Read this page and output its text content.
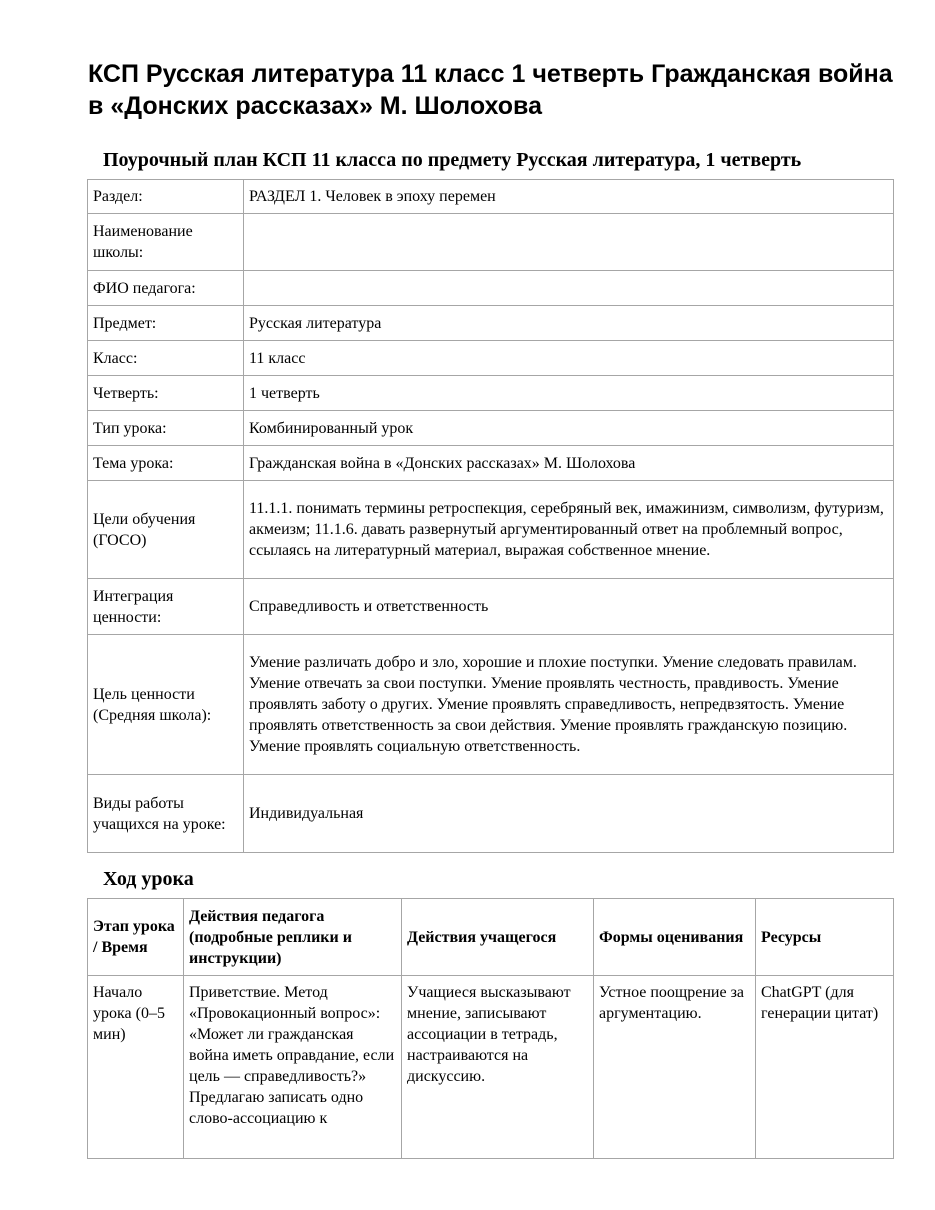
КСП Русская литература 11 класс 1 четверть Гражданская война в «Донских рассказах» М. Шолохова
Поурочный план КСП 11 класса по предмету Русская литература, 1 четверть
Раздел:	РАЗДЕЛ 1. Человек в эпоху перемен
Наименование школы:	
ФИО педагога:	
Предмет:	Русская литература
Класс:	11 класс
Четверть:	1 четверть
Тип урока:	Комбинированный урок
Тема урока:	Гражданская война в «Донских рассказах» М. Шолохова
Цели обучения (ГОСО)	11.1.1. понимать термины ретроспекция, серебряный век, имажинизм, символизм, футуризм, акмеизм; 11.1.6. давать развернутый аргументированный ответ на проблемный вопрос, ссылаясь на литературный материал, выражая собственное мнение.
Интеграция ценности:	Справедливость и ответственность
Цель ценности (Средняя школа):	Умение различать добро и зло, хорошие и плохие поступки. Умение следовать правилам. Умение отвечать за свои поступки. Умение проявлять честность, правдивость. Умение проявлять заботу о других. Умение проявлять справедливость, непредвзятость. Умение проявлять ответственность за свои действия. Умение проявлять гражданскую позицию. Умение проявлять социальную ответственность.
Виды работы учащихся на уроке:	Индивидуальная
Ход урока
Этап урока / Время	Действия педагога (подробные реплики и инструкции)	Действия учащегося	Формы оценивания	Ресурсы
Начало урока (0–5 мин)	Приветствие. Метод «Провокационный вопрос»: «Может ли гражданская война иметь оправдание, если цель — справедливость?» Предлагаю записать одно слово-ассоциацию к	Учащиеся высказывают мнение, записывают ассоциации в тетрадь, настраиваются на дискуссию.	Устное поощрение за аргументацию.	ChatGPT (для генерации цитат)
